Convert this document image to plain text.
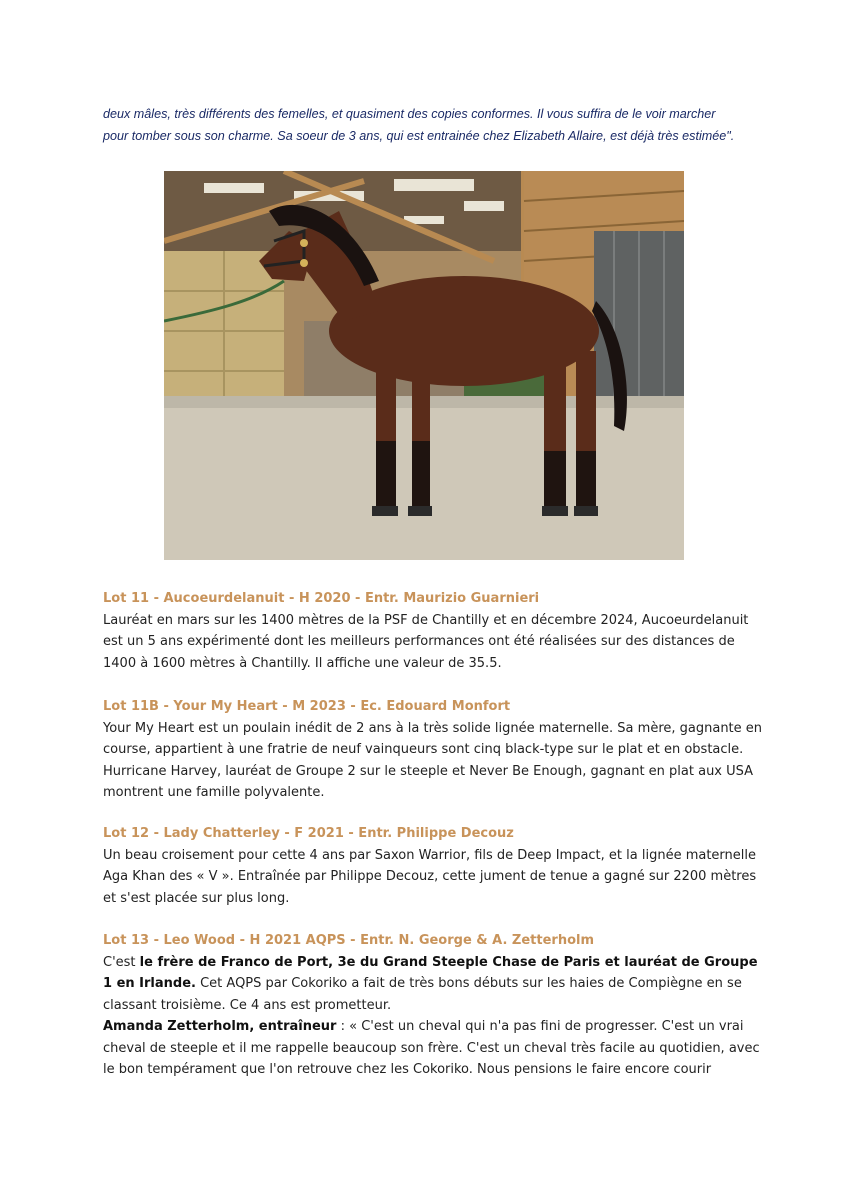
deux mâles, très différents des femelles, et quasiment des copies conformes. Il vous suffira de le voir marcher
pour tomber sous son charme. Sa soeur de 3 ans, qui est entrainée chez Elizabeth Allaire, est déjà très estimée".

Lot 11 - Aucoeurdelanuit - H 2020 - Entr. Maurizio Guarnieri

Lauréat en mars sur les 1400 mètres de la PSF de Chantilly et en décembre 2024, Aucoeurdelanuit est un 5 ans expérimenté dont les meilleurs performances ont été réalisées sur des distances de 1400 à 1600 mètres à Chantilly. Il affiche une valeur de 35.5.

Lot 11B - Your My Heart - M 2023 - Ec. Edouard Monfort

Your My Heart est un poulain inédit de 2 ans à la très solide lignée maternelle. Sa mère, gagnante en course, appartient à une fratrie de neuf vainqueurs sont cinq black-type sur le plat et en obstacle. Hurricane Harvey, lauréat de Groupe 2 sur le steeple et Never Be Enough, gagnant en plat aux USA montrent une famille polyvalente.

Lot 12 - Lady Chatterley - F 2021 - Entr. Philippe Decouz

Un beau croisement pour cette 4 ans par Saxon Warrior, fils de Deep Impact, et la lignée maternelle Aga Khan des « V ». Entraînée par Philippe Decouz, cette jument de tenue a gagné sur 2200 mètres et s'est placée sur plus long.

Lot 13 - Leo Wood - H 2021 AQPS - Entr. N. George & A. Zetterholm

C'est le frère de Franco de Port, 3e du Grand Steeple Chase de Paris et lauréat de Groupe 1 en Irlande. Cet AQPS par Cokoriko a fait de très bons débuts sur les haies de Compiègne en se classant troisième. Ce 4 ans est prometteur.

Amanda Zetterholm, entraîneur : « C'est un cheval qui n'a pas fini de progresser. C'est un vrai cheval de steeple et il me rappelle beaucoup son frère. C'est un cheval très facile au quotidien, avec le bon tempérament que l'on retrouve chez les Cokoriko. Nous pensions le faire encore courir
